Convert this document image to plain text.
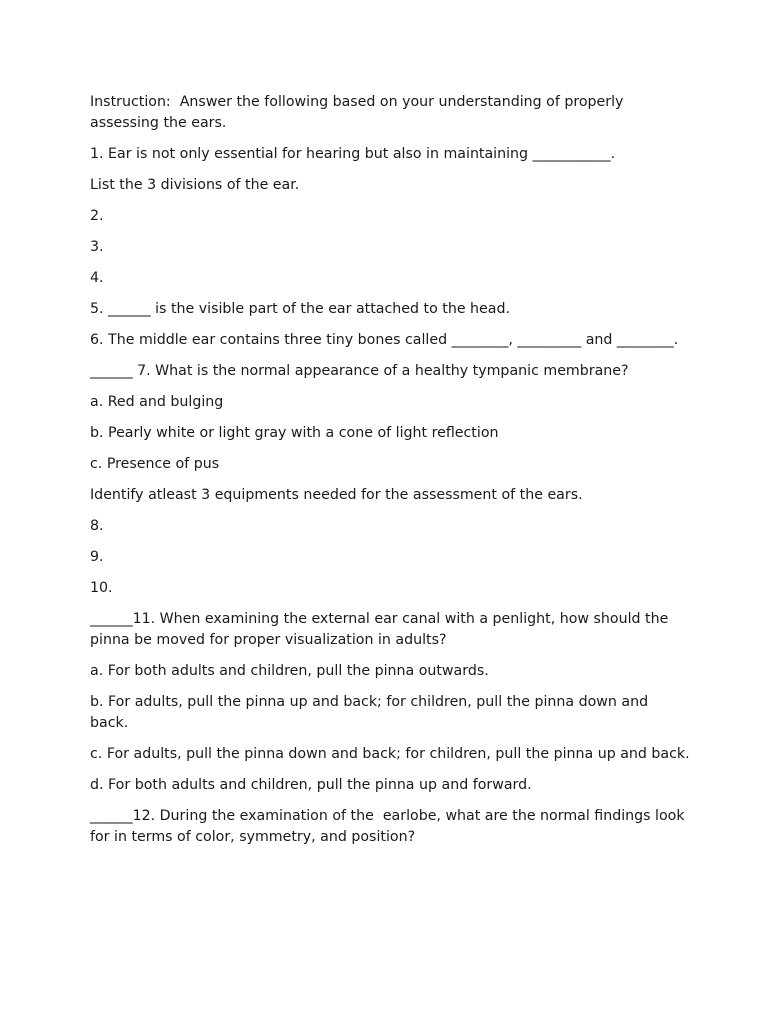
Instruction:  Answer the following based on your understanding of properly assessing the ears.

1. Ear is not only essential for hearing but also in maintaining ___________.

List the 3 divisions of the ear.

2.

3.

4.

5. ______ is the visible part of the ear attached to the head.

6. The middle ear contains three tiny bones called ________, _________ and ________.

______ 7. What is the normal appearance of a healthy tympanic membrane?

a. Red and bulging

b. Pearly white or light gray with a cone of light reflection

c. Presence of pus

Identify atleast 3 equipments needed for the assessment of the ears.

8.

9.

10.

______11. When examining the external ear canal with a penlight, how should the pinna be moved for proper visualization in adults?

a. For both adults and children, pull the pinna outwards.

b. For adults, pull the pinna up and back; for children, pull the pinna down and back.

c. For adults, pull the pinna down and back; for children, pull the pinna up and back.

d. For both adults and children, pull the pinna up and forward.

______12. During the examination of the  earlobe, what are the normal findings look for in terms of color, symmetry, and position?
